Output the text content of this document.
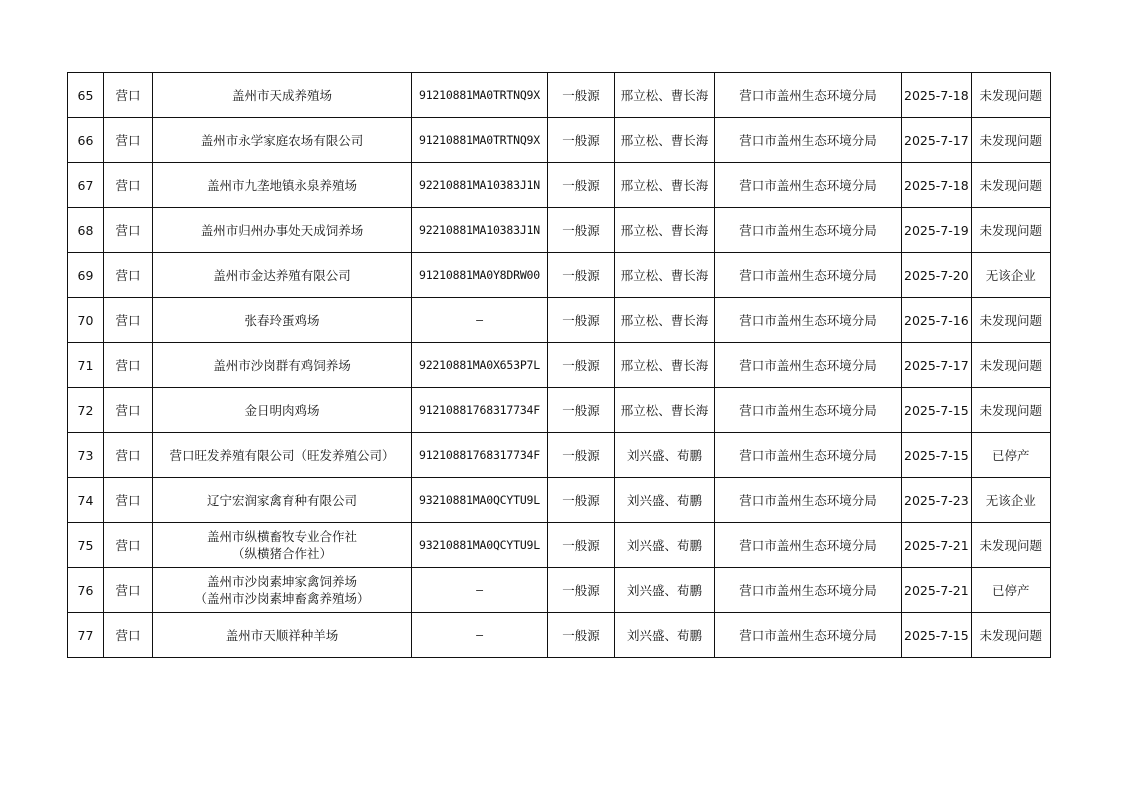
65	营口	盖州市天成养殖场	91210881MA0TRTNQ9X	一般源	邢立松、曹长海	营口市盖州生态环境分局	2025-7-18	未发现问题
66	营口	盖州市永学家庭农场有限公司	91210881MA0TRTNQ9X	一般源	邢立松、曹长海	营口市盖州生态环境分局	2025-7-17	未发现问题
67	营口	盖州市九垄地镇永泉养殖场	92210881MA10383J1N	一般源	邢立松、曹长海	营口市盖州生态环境分局	2025-7-18	未发现问题
68	营口	盖州市归州办事处天成饲养场	92210881MA10383J1N	一般源	邢立松、曹长海	营口市盖州生态环境分局	2025-7-19	未发现问题
69	营口	盖州市金达养殖有限公司	91210881MA0Y8DRW00	一般源	邢立松、曹长海	营口市盖州生态环境分局	2025-7-20	无该企业
70	营口	张春玲蛋鸡场	—	一般源	邢立松、曹长海	营口市盖州生态环境分局	2025-7-16	未发现问题
71	营口	盖州市沙岗群有鸡饲养场	92210881MA0X653P7L	一般源	邢立松、曹长海	营口市盖州生态环境分局	2025-7-17	未发现问题
72	营口	金日明肉鸡场	91210881768317734F	一般源	邢立松、曹长海	营口市盖州生态环境分局	2025-7-15	未发现问题
73	营口	营口旺发养殖有限公司（旺发养殖公司）	91210881768317734F	一般源	刘兴盛、荀鹏	营口市盖州生态环境分局	2025-7-15	已停产
74	营口	辽宁宏润家禽育种有限公司	93210881MA0QCYTU9L	一般源	刘兴盛、荀鹏	营口市盖州生态环境分局	2025-7-23	无该企业
75	营口	盖州市纵横畜牧专业合作社
（纵横猪合作社）	93210881MA0QCYTU9L	一般源	刘兴盛、荀鹏	营口市盖州生态环境分局	2025-7-21	未发现问题
76	营口	盖州市沙岗素坤家禽饲养场
（盖州市沙岗素坤畜禽养殖场）	—	一般源	刘兴盛、荀鹏	营口市盖州生态环境分局	2025-7-21	已停产
77	营口	盖州市天顺祥种羊场	—	一般源	刘兴盛、荀鹏	营口市盖州生态环境分局	2025-7-15	未发现问题
